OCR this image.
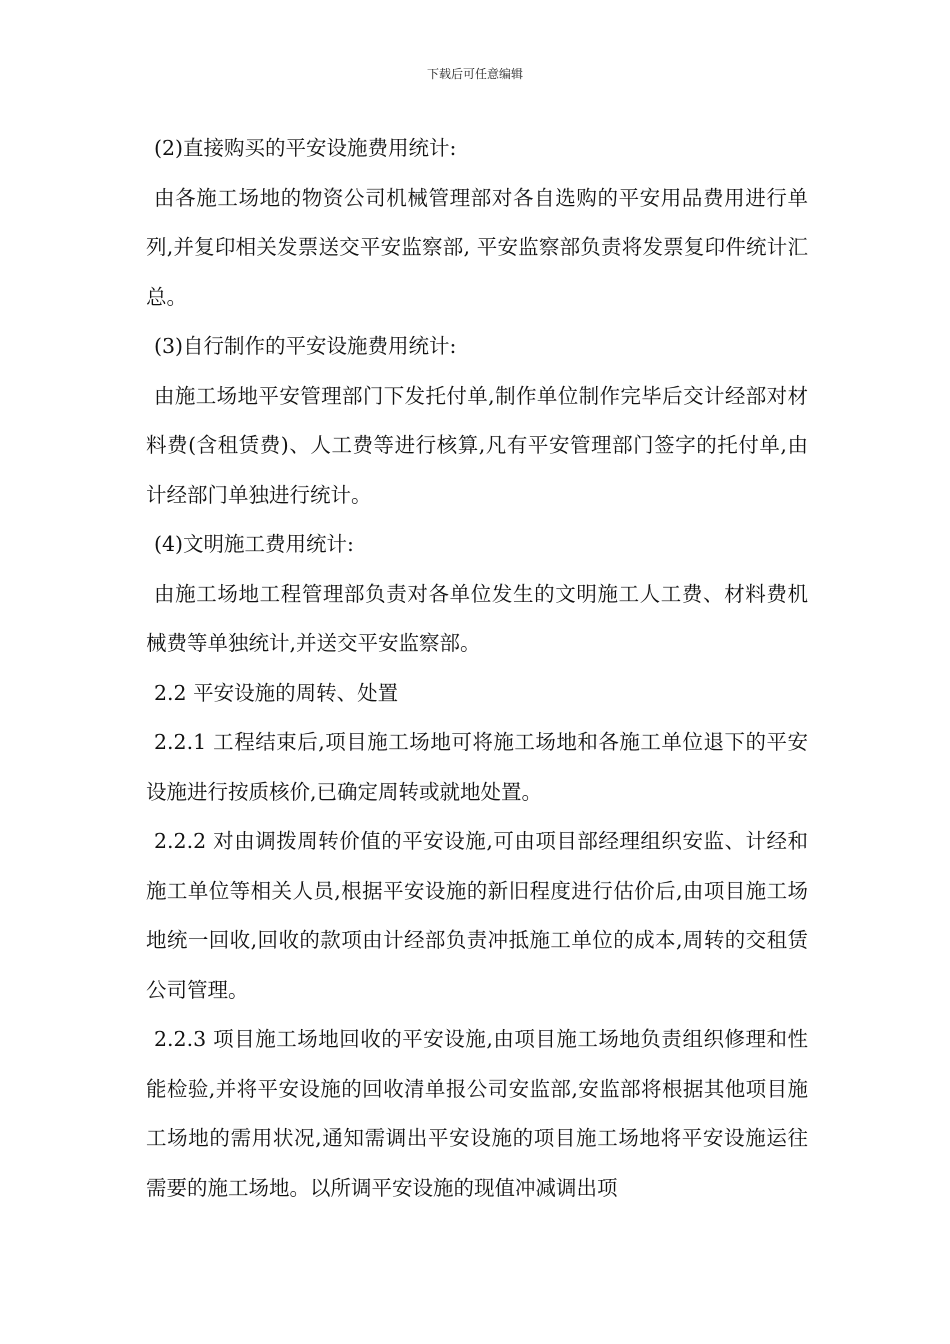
下载后可任意编辑

(2)直接购买的平安设施费用统计:

由各施工场地的物资公司机械管理部对各自选购的平安用品费用进行单列,并复印相关发票送交平安监察部, 平安监察部负责将发票复印件统计汇总。

(3)自行制作的平安设施费用统计:

由施工场地平安管理部门下发托付单,制作单位制作完毕后交计经部对材料费(含租赁费)、人工费等进行核算,凡有平安管理部门签字的托付单,由计经部门单独进行统计。

(4)文明施工费用统计:

由施工场地工程管理部负责对各单位发生的文明施工人工费、材料费机械费等单独统计,并送交平安监察部。

2.2 平安设施的周转、处置

2.2.1 工程结束后,项目施工场地可将施工场地和各施工单位退下的平安设施进行按质核价,已确定周转或就地处置。

2.2.2 对由调拨周转价值的平安设施,可由项目部经理组织安监、计经和施工单位等相关人员,根据平安设施的新旧程度进行估价后,由项目施工场地统一回收,回收的款项由计经部负责冲抵施工单位的成本,周转的交租赁公司管理。

2.2.3 项目施工场地回收的平安设施,由项目施工场地负责组织修理和性能检验,并将平安设施的回收清单报公司安监部,安监部将根据其他项目施工场地的需用状况,通知需调出平安设施的项目施工场地将平安设施运往需要的施工场地。以所调平安设施的现值冲减调出项
